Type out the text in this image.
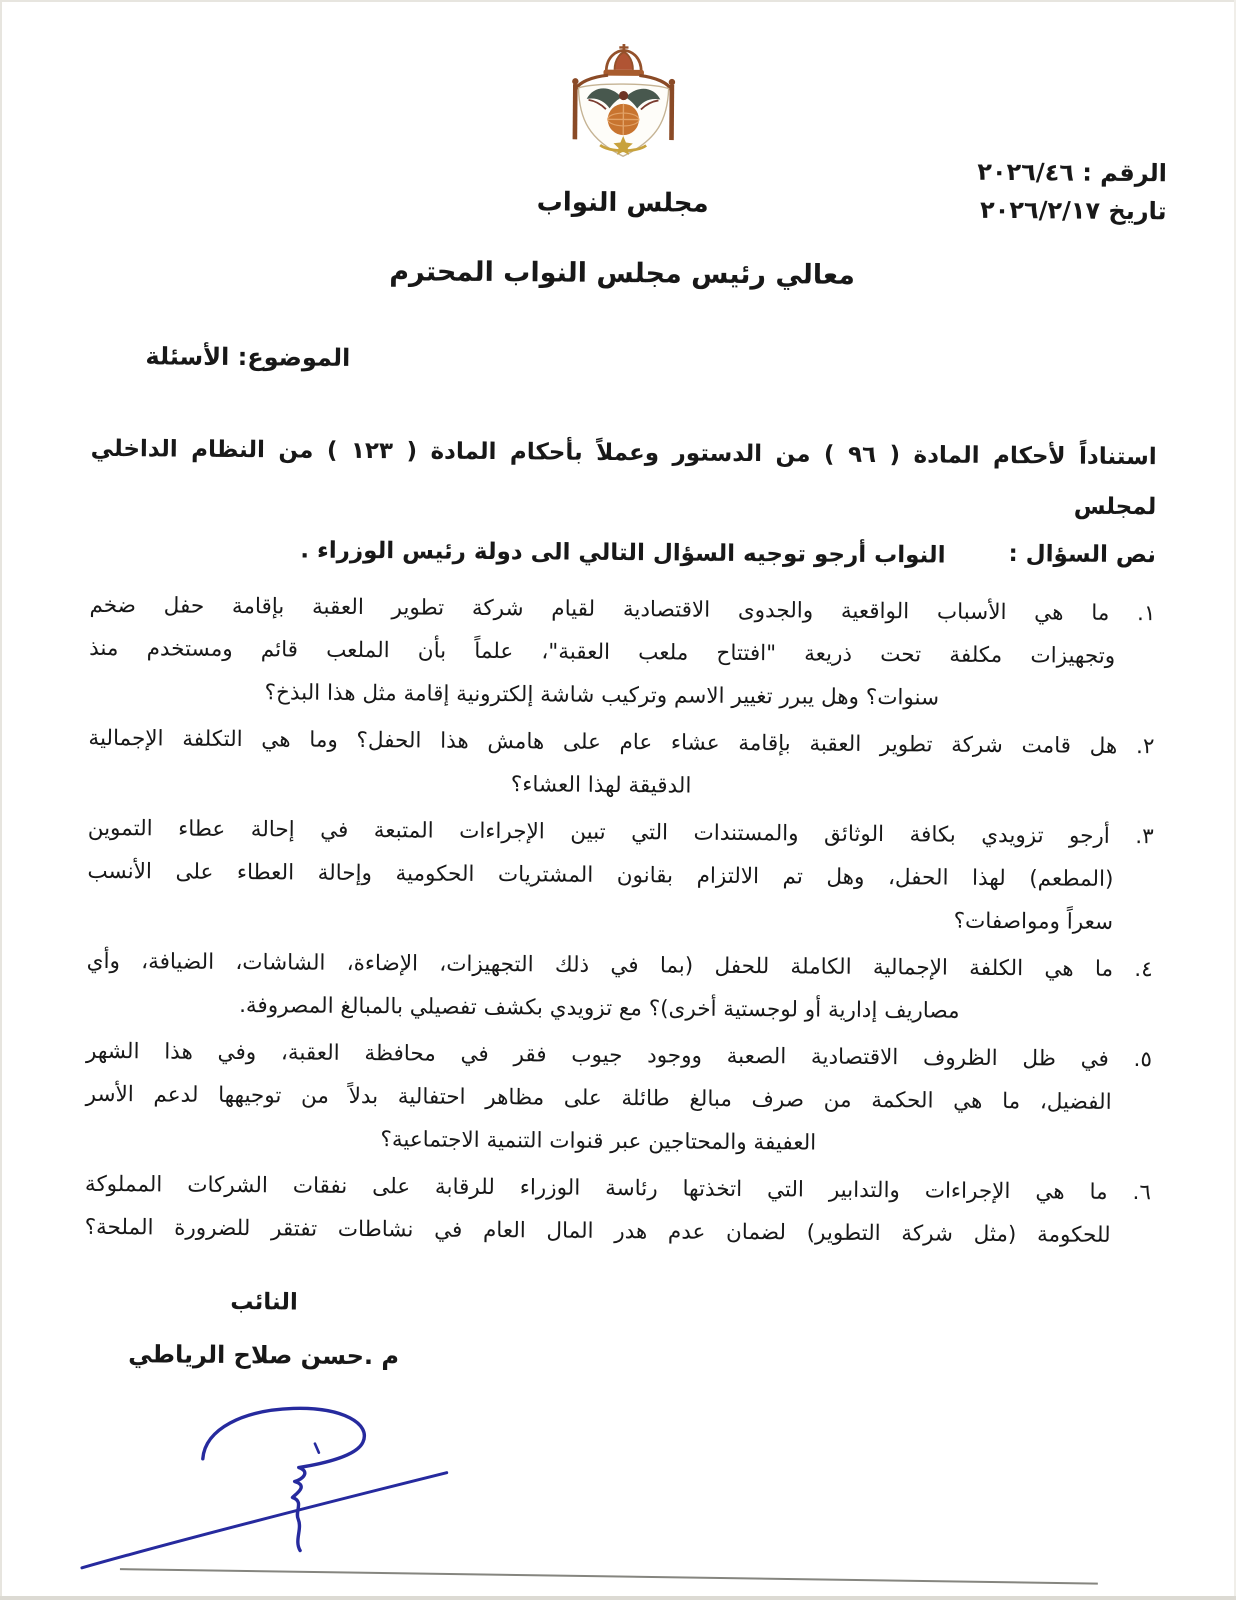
الرقم : ٢٠٢٦/٤٦
تاريخ ٢٠٢٦/٢/١٧
مجلس النواب
معالي رئيس مجلس النواب المحترم
الموضوع: الأسئلة
استناداً لأحكام المادة ( ٩٦ ) من الدستور وعملاً بأحكام المادة ( ١٢٣ ) من النظام الداخلي لمجلس
النواب أرجو توجيه السؤال التالي الى دولة رئيس الوزراء .	نص السؤال :
١. ما هي الأسباب الواقعية والجدوى الاقتصادية لقيام شركة تطوير العقبة بإقامة حفل ضخم
وتجهيزات مكلفة تحت ذريعة "افتتاح ملعب العقبة"، علماً بأن الملعب قائم ومستخدم منذ
سنوات؟ وهل يبرر تغيير الاسم وتركيب شاشة إلكترونية إقامة مثل هذا البذخ؟
٢. هل قامت شركة تطوير العقبة بإقامة عشاء عام على هامش هذا الحفل؟ وما هي التكلفة الإجمالية
الدقيقة لهذا العشاء؟
٣. أرجو تزويدي بكافة الوثائق والمستندات التي تبين الإجراءات المتبعة في إحالة عطاء التموين
(المطعم) لهذا الحفل، وهل تم الالتزام بقانون المشتريات الحكومية وإحالة العطاء على الأنسب
سعراً ومواصفات؟
٤. ما هي الكلفة الإجمالية الكاملة للحفل (بما في ذلك التجهيزات، الإضاءة، الشاشات، الضيافة، وأي
مصاريف إدارية أو لوجستية أخرى)؟ مع تزويدي بكشف تفصيلي بالمبالغ المصروفة.
٥. في ظل الظروف الاقتصادية الصعبة ووجود جيوب فقر في محافظة العقبة، وفي هذا الشهر
الفضيل، ما هي الحكمة من صرف مبالغ طائلة على مظاهر احتفالية بدلاً من توجيهها لدعم الأسر
العفيفة والمحتاجين عبر قنوات التنمية الاجتماعية؟
٦. ما هي الإجراءات والتدابير التي اتخذتها رئاسة الوزراء للرقابة على نفقات الشركات المملوكة
للحكومة (مثل شركة التطوير) لضمان عدم هدر المال العام في نشاطات تفتقر للضرورة الملحة؟
النائب
م .حسن صلاح الرياطي
